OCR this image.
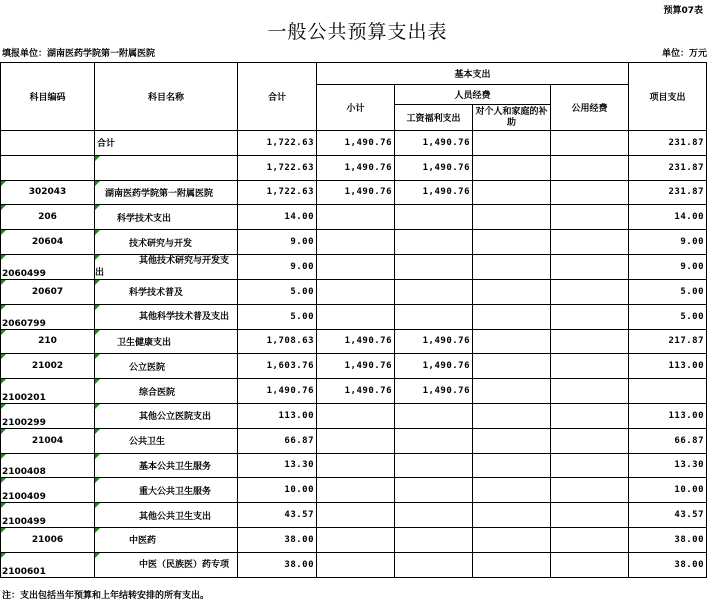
预算07表
一般公共预算支出表
填报单位：湖南医药学院第一附属医院	单位：万元
科目编码	科目名称	合计	基本支出				项目支出
			小计	人员经费		公用经费	
				工资福利支出	对个人和家庭的补助		
	合计	1,722.63	1,490.76	1,490.76			231.87
		1,722.63	1,490.76	1,490.76			231.87
302043	湖南医药学院第一附属医院	1,722.63	1,490.76	1,490.76			231.87
206	科学技术支出	14.00					14.00
20604	技术研究与开发	9.00					9.00
2060499	其他技术研究与开发支出	9.00					9.00
20607	科学技术普及	5.00					5.00
2060799	其他科学技术普及支出	5.00					5.00
210	卫生健康支出	1,708.63	1,490.76	1,490.76			217.87
21002	公立医院	1,603.76	1,490.76	1,490.76			113.00
2100201	综合医院	1,490.76	1,490.76	1,490.76			
2100299	其他公立医院支出	113.00					113.00
21004	公共卫生	66.87					66.87
2100408	基本公共卫生服务	13.30					13.30
2100409	重大公共卫生服务	10.00					10.00
2100499	其他公共卫生支出	43.57					43.57
21006	中医药	38.00					38.00
2100601	中医（民族医）药专项	38.00					38.00
注：支出包括当年预算和上年结转安排的所有支出。
